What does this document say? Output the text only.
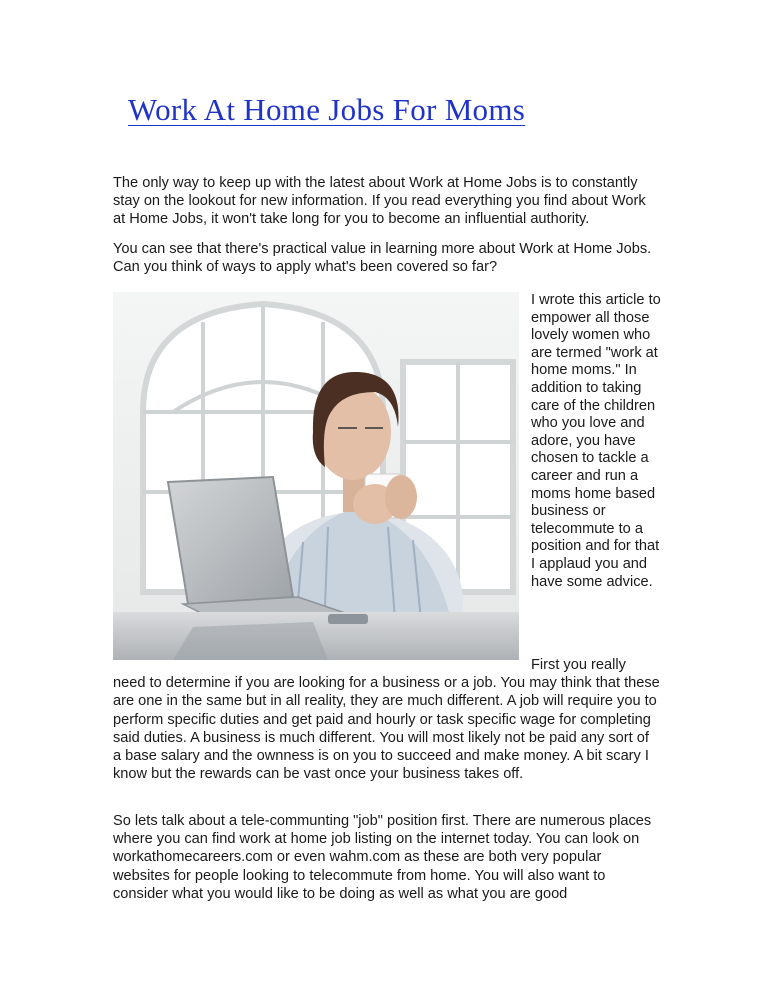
Work At Home Jobs For Moms

The only way to keep up with the latest about Work at Home Jobs is to constantly stay on the lookout for new information. If you read everything you find about Work at Home Jobs, it won't take long for you to become an influential authority.

You can see that there's practical value in learning more about Work at Home Jobs. Can you think of ways to apply what's been covered so far?

I wrote this article to empower all those lovely women who are termed "work at home moms." In addition to taking care of the children who you love and adore, you have chosen to tackle a career and run a moms home based business or telecommute to a position and for that I applaud you and have some advice.

First you really need to determine if you are looking for a business or a job. You may think that these are one in the same but in all reality, they are much different. A job will require you to perform specific duties and get paid and hourly or task specific wage for completing said duties. A business is much different. You will most likely not be paid any sort of a base salary and the ownness is on you to succeed and make money. A bit scary I know but the rewards can be vast once your business takes off.

So lets talk about a tele-communting "job" position first. There are numerous places where you can find work at home job listing on the internet today. You can look on workathomecareers.com or even wahm.com as these are both very popular websites for people looking to telecommute from home. You will also want to consider what you would like to be doing as well as what you are good
